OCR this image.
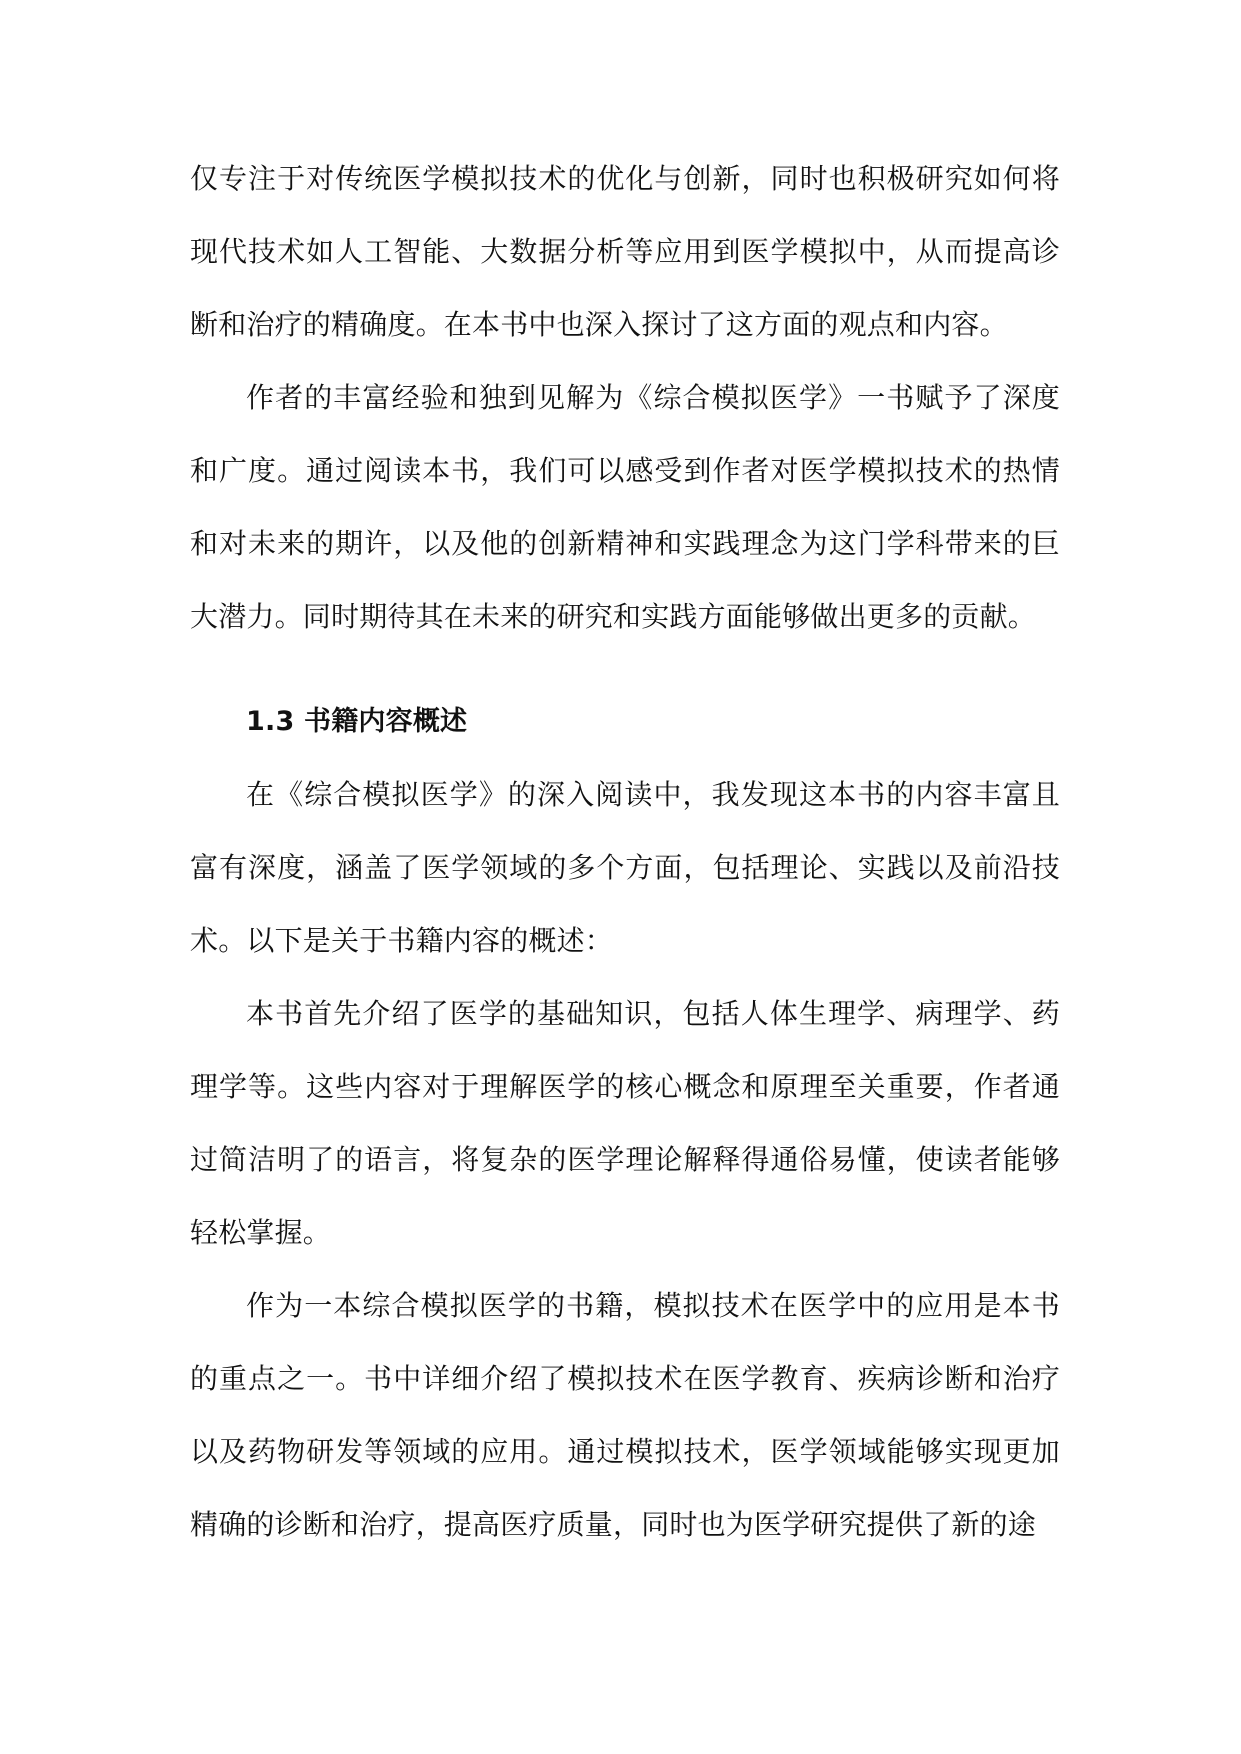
仅专注于对传统医学模拟技术的优化与创新，同时也积极研究如何将现代技术如人工智能、大数据分析等应用到医学模拟中，从而提高诊断和治疗的精确度。在本书中也深入探讨了这方面的观点和内容。

作者的丰富经验和独到见解为《综合模拟医学》一书赋予了深度和广度。通过阅读本书，我们可以感受到作者对医学模拟技术的热情和对未来的期许，以及他的创新精神和实践理念为这门学科带来的巨大潜力。同时期待其在未来的研究和实践方面能够做出更多的贡献。

1.3 书籍内容概述

在《综合模拟医学》的深入阅读中，我发现这本书的内容丰富且富有深度，涵盖了医学领域的多个方面，包括理论、实践以及前沿技术。以下是关于书籍内容的概述：

本书首先介绍了医学的基础知识，包括人体生理学、病理学、药理学等。这些内容对于理解医学的核心概念和原理至关重要，作者通过简洁明了的语言，将复杂的医学理论解释得通俗易懂，使读者能够轻松掌握。

作为一本综合模拟医学的书籍，模拟技术在医学中的应用是本书的重点之一。书中详细介绍了模拟技术在医学教育、疾病诊断和治疗以及药物研发等领域的应用。通过模拟技术，医学领域能够实现更加精确的诊断和治疗，提高医疗质量，同时也为医学研究提供了新的途
